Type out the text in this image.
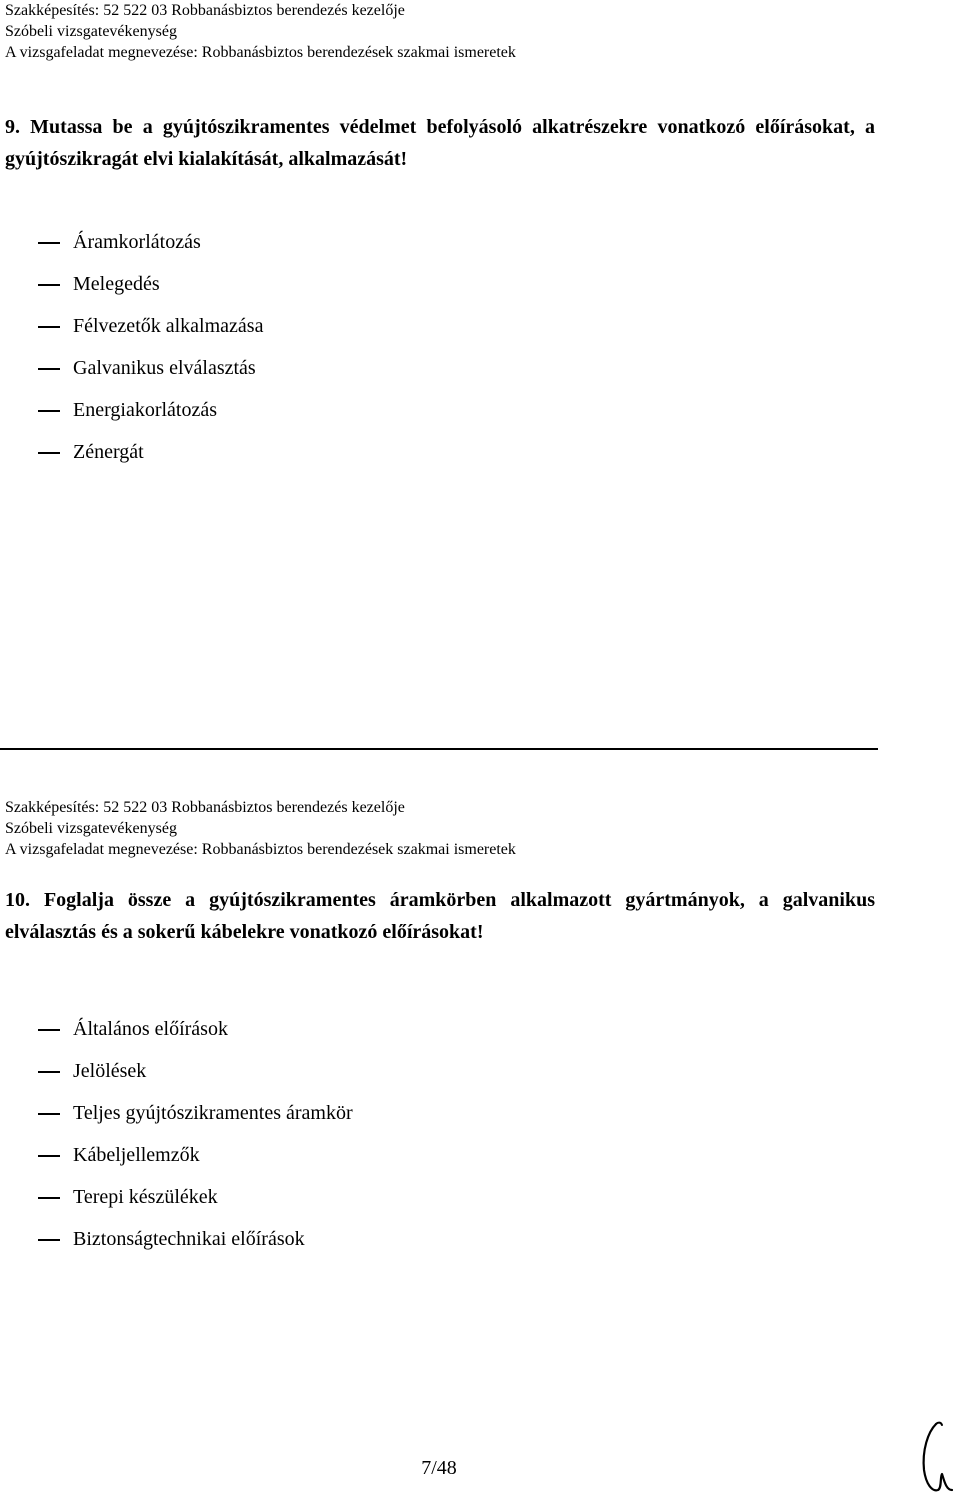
Szakképesítés: 52 522 03 Robbanásbiztos berendezés kezelője
Szóbeli vizsgatevékenység
A vizsgafeladat megnevezése: Robbanásbiztos berendezések szakmai ismeretek
9. Mutassa be a gyújtószikramentes védelmet befolyásoló alkatrészekre vonatkozó előírásokat, a gyújtószikragát elvi kialakítását, alkalmazását!
Áramkorlátozás
Melegedés
Félvezetők alkalmazása
Galvanikus elválasztás
Energiakorlátozás
Zénergát
Szakképesítés: 52 522 03 Robbanásbiztos berendezés kezelője
Szóbeli vizsgatevékenység
A vizsgafeladat megnevezése: Robbanásbiztos berendezések szakmai ismeretek
10. Foglalja össze a gyújtószikramentes áramkörben alkalmazott gyártmányok, a galvanikus elválasztás és a sokerű kábelekre vonatkozó előírásokat!
Általános előírások
Jelölések
Teljes gyújtószikramentes áramkör
Kábeljellemzők
Terepi készülékek
Biztonságtechnikai előírások
7/48
